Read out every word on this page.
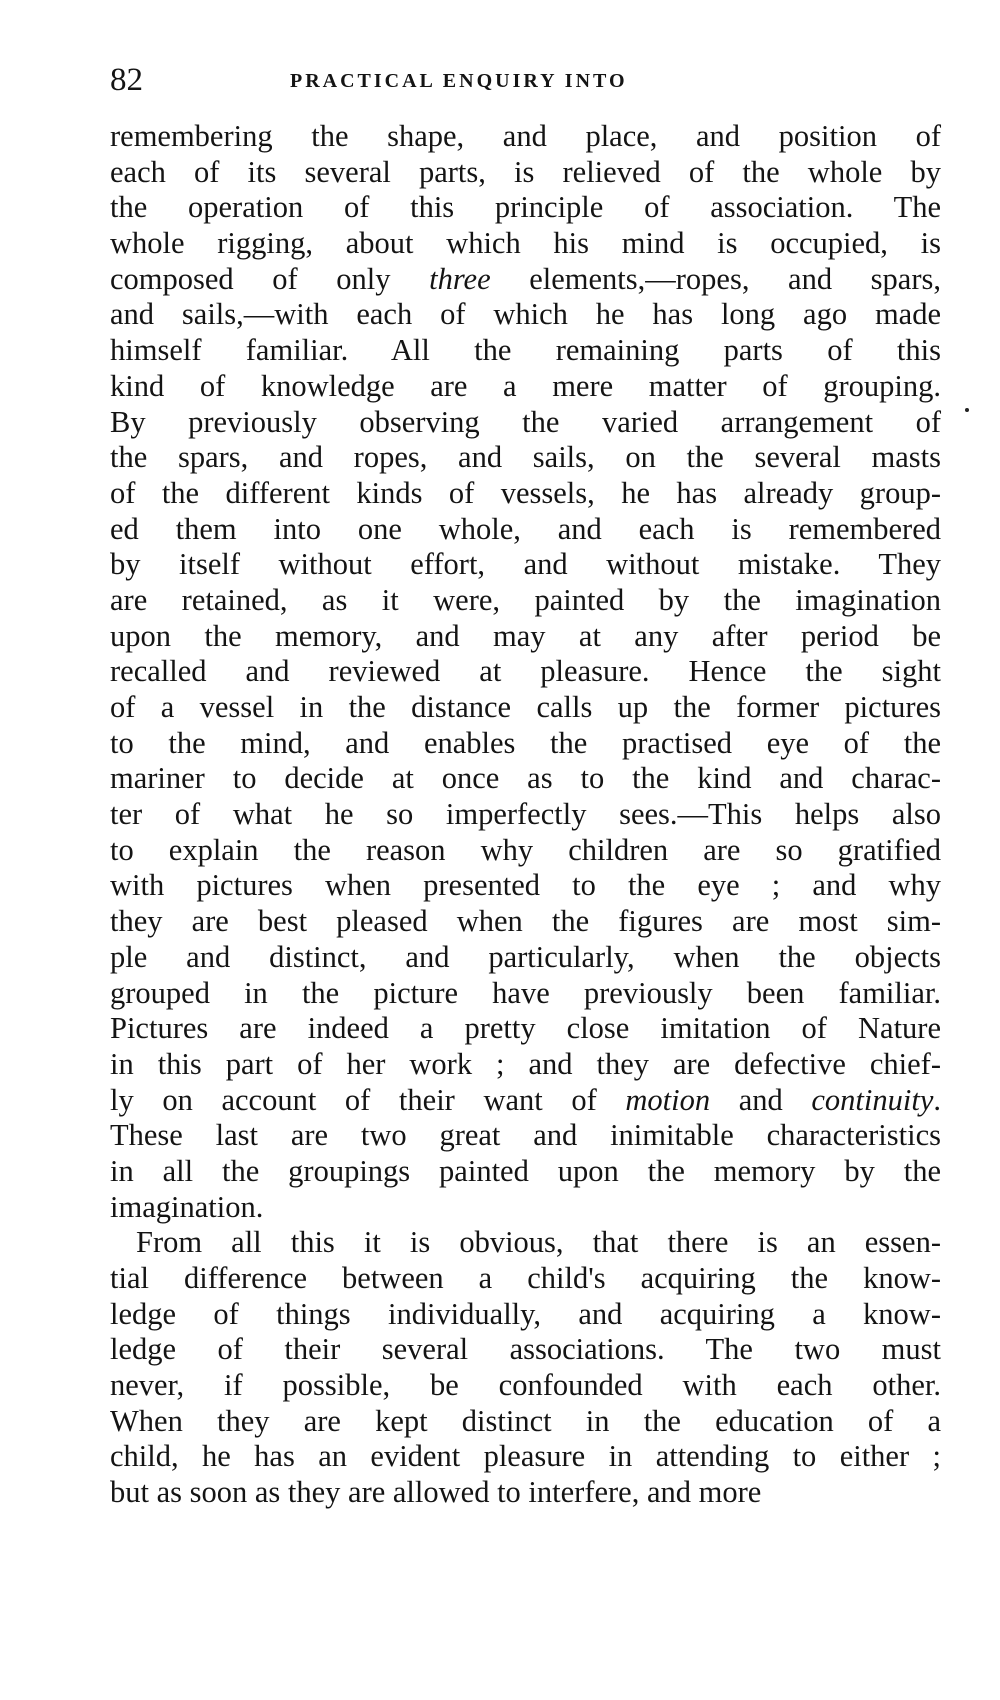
82	PRACTICAL ENQUIRY INTO
remembering the shape, and place, and position of
each of its several parts, is relieved of the whole by
the operation of this principle of association. The
whole rigging, about which his mind is occupied, is
composed of only three elements,—ropes, and spars,
and sails,—with each of which he has long ago made
himself familiar. All the remaining parts of this
kind of knowledge are a mere matter of grouping.
By previously observing the varied arrangement of
the spars, and ropes, and sails, on the several masts
of the different kinds of vessels, he has already group-
ed them into one whole, and each is remembered
by itself without effort, and without mistake. They
are retained, as it were, painted by the imagination
upon the memory, and may at any after period be
recalled and reviewed at pleasure. Hence the sight
of a vessel in the distance calls up the former pictures
to the mind, and enables the practised eye of the
mariner to decide at once as to the kind and charac-
ter of what he so imperfectly sees.—This helps also
to explain the reason why children are so gratified
with pictures when presented to the eye ; and why
they are best pleased when the figures are most sim-
ple and distinct, and particularly, when the objects
grouped in the picture have previously been familiar.
Pictures are indeed a pretty close imitation of Nature
in this part of her work ; and they are defective chief-
ly on account of their want of motion and continuity.
These last are two great and inimitable characteristics
in all the groupings painted upon the memory by the
imagination.
From all this it is obvious, that there is an essen-
tial difference between a child's acquiring the know-
ledge of things individually, and acquiring a know-
ledge of their several associations. The two must
never, if possible, be confounded with each other.
When they are kept distinct in the education of a
child, he has an evident pleasure in attending to either ;
but as soon as they are allowed to interfere, and more
